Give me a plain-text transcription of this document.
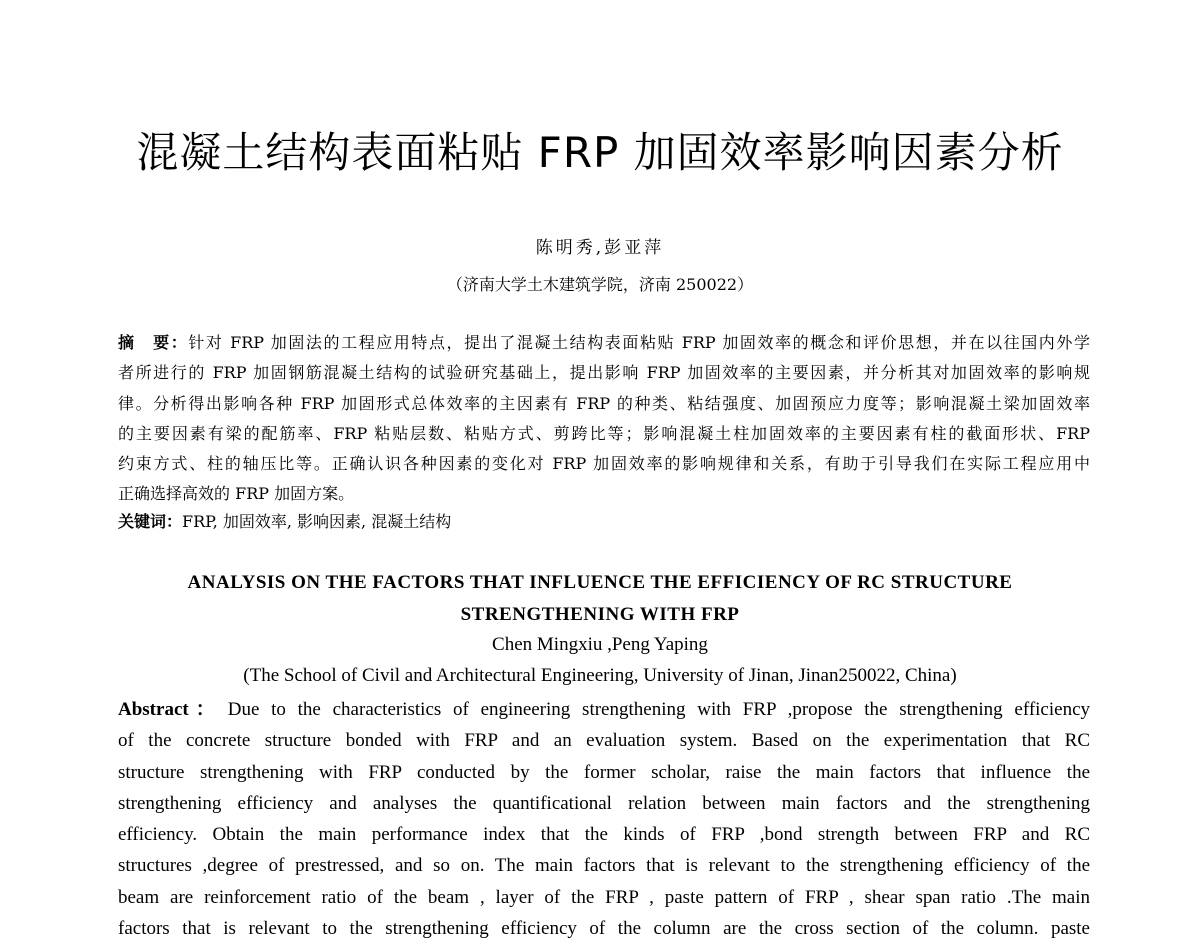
混凝土结构表面粘贴 FRP 加固效率影响因素分析
陈明秀,彭亚萍
（济南大学土木建筑学院，济南 250022）
摘　要：针对 FRP 加固法的工程应用特点，提出了混凝土结构表面粘贴 FRP 加固效率的概念和评价思想，并在以往国内外学
者所进行的 FRP 加固钢筋混凝土结构的试验研究基础上，提出影响 FRP 加固效率的主要因素，并分析其对加固效率的影响规
律。分析得出影响各种 FRP 加固形式总体效率的主因素有 FRP 的种类、粘结强度、加固预应力度等；影响混凝土梁加固效率
的主要因素有梁的配筋率、FRP 粘贴层数、粘贴方式、剪跨比等；影响混凝土柱加固效率的主要因素有柱的截面形状、FRP
约束方式、柱的轴压比等。正确认识各种因素的变化对 FRP 加固效率的影响规律和关系，有助于引导我们在实际工程应用中
正确选择高效的 FRP 加固方案。
关键词：FRP, 加固效率, 影响因素, 混凝土结构
ANALYSIS ON THE FACTORS THAT INFLUENCE THE EFFICIENCY OF RC STRUCTURE
STRENGTHENING WITH FRP
Chen Mingxiu ,Peng Yaping
(The School of Civil and Architectural Engineering, University of Jinan, Jinan250022, China)
Abstract： Due to the characteristics of engineering strengthening with FRP ,propose the strengthening efficiency
of the concrete structure bonded with FRP and an evaluation system. Based on the experimentation that RC
structure strengthening with FRP conducted by the former scholar, raise the main factors that influence the
strengthening efficiency and analyses the quantificational relation between main factors and the strengthening
efficiency. Obtain the main performance index that the kinds of FRP ,bond strength between FRP and RC
structures ,degree of prestressed, and so on. The main factors that is relevant to the strengthening efficiency of the
beam are reinforcement ratio of the beam , layer of the FRP , paste pattern of FRP , shear span ratio .The main
factors that is relevant to the strengthening efficiency of the column are the cross section of the column. paste
